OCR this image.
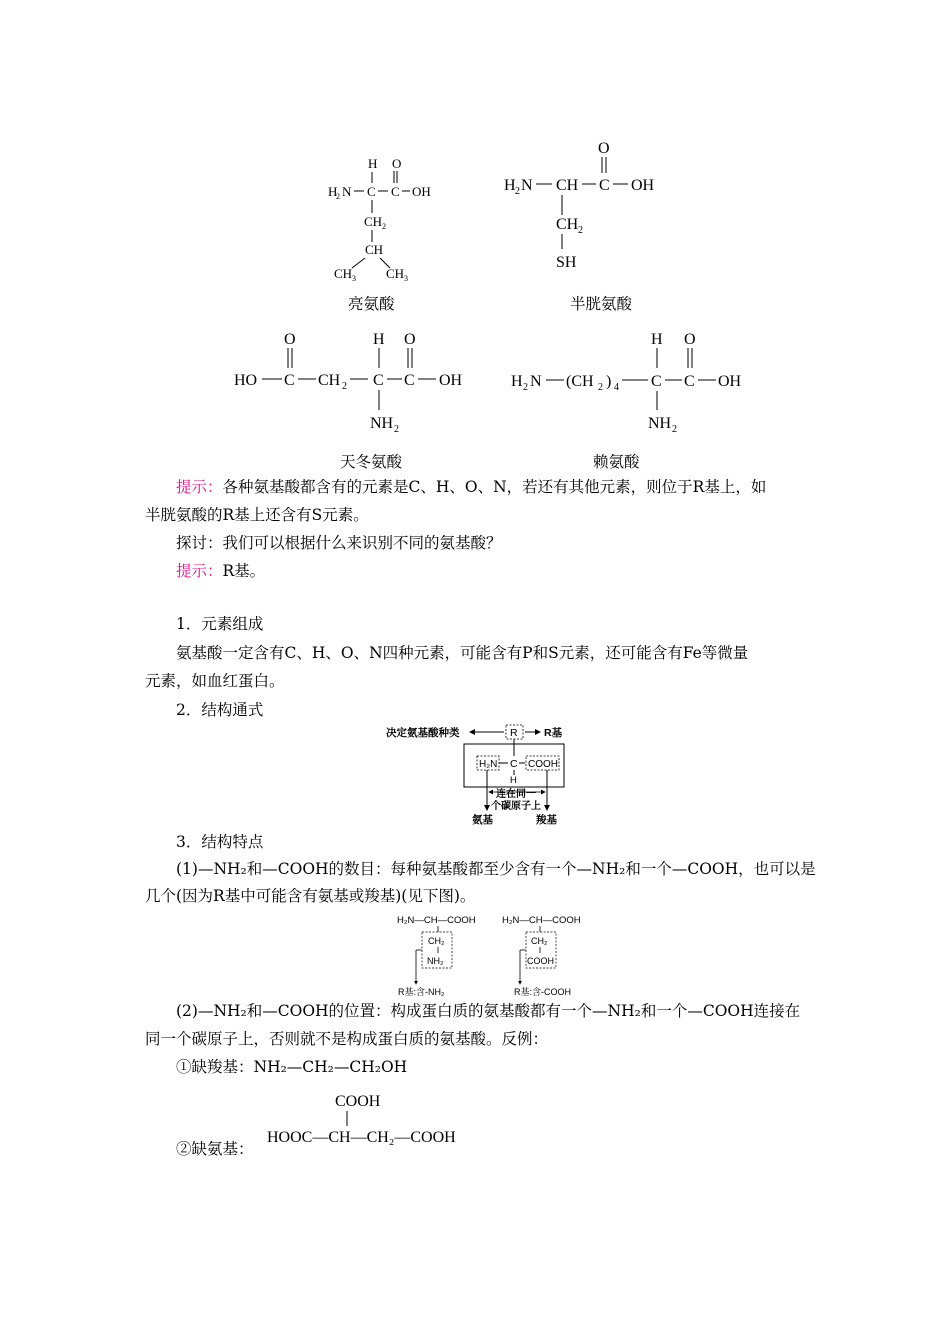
H O
H
2 N C C OH
CH 2
CH
CH 3 CH 3
亮氨酸
O
H 2 N CH C OH
CH 2
SH
半胱氨酸
O	H O
HO C CH 2 C C OH
NH 2
天冬氨酸
H O
H 2 N (CH 2 ) 4 C C OH
NH 2
赖氨酸
提示：各种氨基酸都含有的元素是C、H、O、N，若还有其他元素，则位于R基上，如
半胱氨酸的R基上还含有S元素。
探讨：我们可以根据什么来识别不同的氨基酸？
提示：R基。
1．元素组成
氨基酸一定含有C、H、O、N四种元素，可能含有P和S元素，还可能含有Fe等微量
元素，如血红蛋白。
2．结构通式
决定氨基酸种类	R	R基
H₂N C COOH
H
连在同一
个碳原子上
氨基	羧基
3．结构特点
(1)—NH₂和—COOH的数目：每种氨基酸都至少含有一个—NH₂和一个—COOH，也可以是
几个(因为R基中可能含有氨基或羧基)(见下图)。
H₂N—CH—COOH
CH₂
NH₂
R基:含-NH₂
H₂N—CH—COOH
CH₂
COOH
R基:含-COOH
(2)—NH₂和—COOH的位置：构成蛋白质的氨基酸都有一个—NH₂和一个—COOH连接在
同一个碳原子上，否则就不是构成蛋白质的氨基酸。反例：
①缺羧基：NH₂—CH₂—CH₂OH
②缺氨基：
COOH
HOOC—CH—CH₂—COOH
